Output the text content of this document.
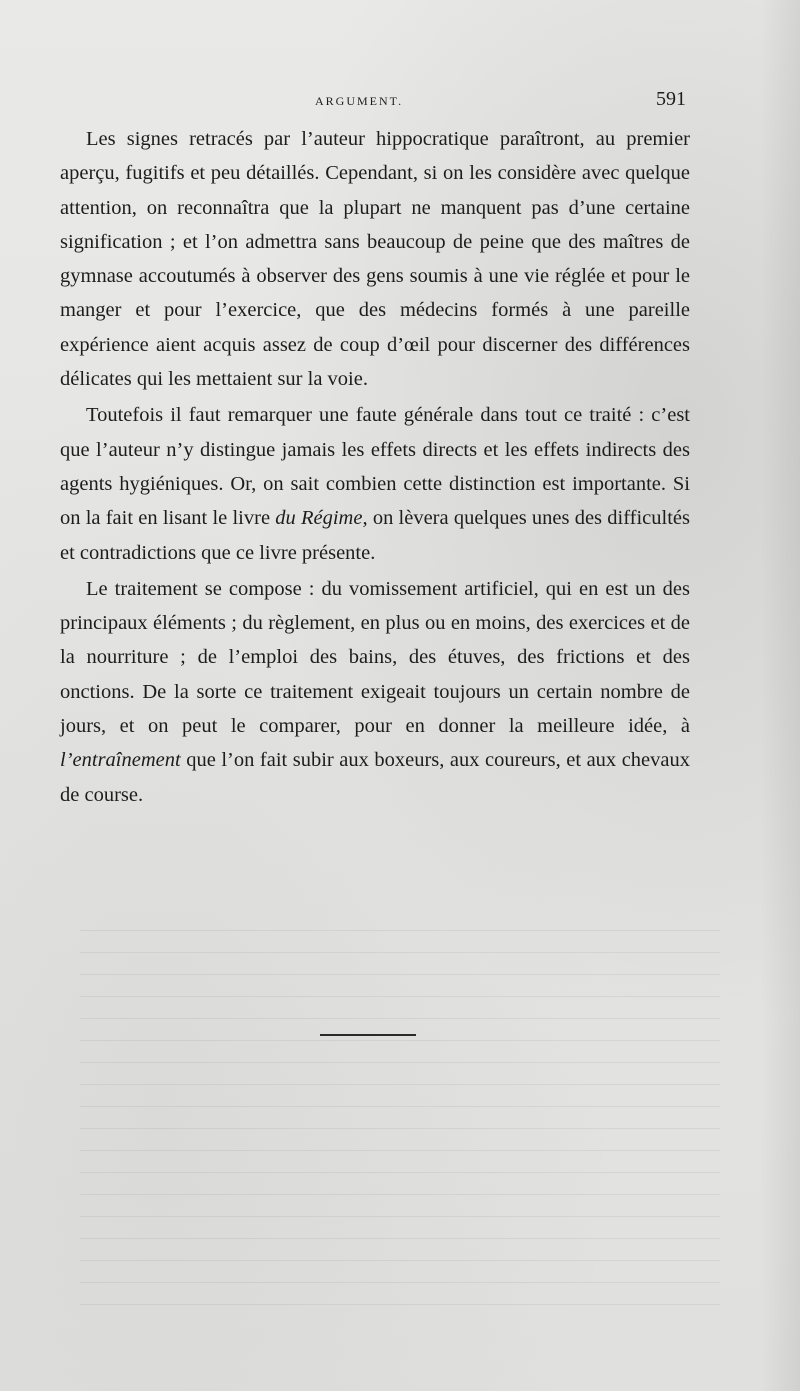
ARGUMENT.	591

Les signes retracés par l’auteur hippocratique paraîtront, au premier aperçu, fugitifs et peu détaillés. Cependant, si on les considère avec quelque attention, on reconnaîtra que la plupart ne manquent pas d’une certaine signification ; et l’on admettra sans beaucoup de peine que des maîtres de gymnase accoutumés à observer des gens soumis à une vie réglée et pour le manger et pour l’exercice, que des médecins formés à une pareille expérience aient acquis assez de coup d’œil pour discerner des différences délicates qui les mettaient sur la voie.

Toutefois il faut remarquer une faute générale dans tout ce traité : c’est que l’auteur n’y distingue jamais les effets directs et les effets indirects des agents hygiéniques. Or, on sait combien cette distinction est importante. Si on la fait en lisant le livre du Régime, on lèvera quelques unes des difficultés et contradictions que ce livre présente.

Le traitement se compose : du vomissement artificiel, qui en est un des principaux éléments ; du règlement, en plus ou en moins, des exercices et de la nourriture ; de l’emploi des bains, des étuves, des frictions et des onctions. De la sorte ce traitement exigeait toujours un certain nombre de jours, et on peut le comparer, pour en donner la meilleure idée, à l’entraînement que l’on fait subir aux boxeurs, aux coureurs, et aux chevaux de course.
